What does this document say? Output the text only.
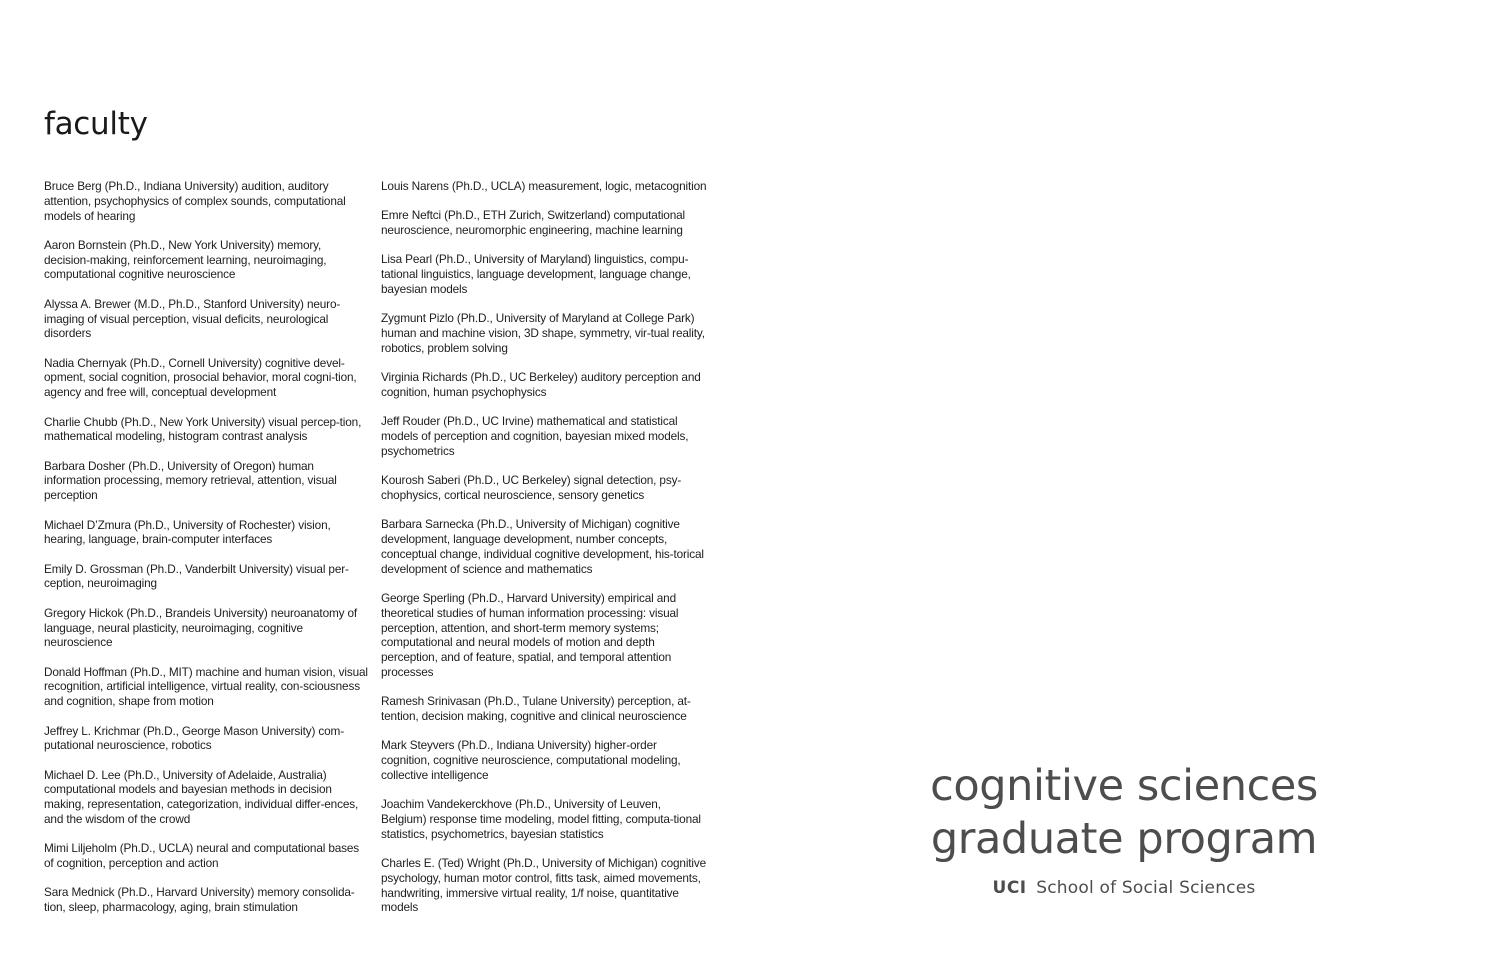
faculty

Bruce Berg (Ph.D., Indiana University) audition, auditory attention, psychophysics of complex sounds, computational models of hearing

Aaron Bornstein (Ph.D., New York University) memory, decision-making, reinforcement learning, neuroimaging, computational cognitive neuroscience

Alyssa A. Brewer (M.D., Ph.D., Stanford University) neuro-imaging of visual perception, visual deficits, neurological disorders

Nadia Chernyak (Ph.D., Cornell University) cognitive devel-opment, social cognition, prosocial behavior, moral cogni-tion, agency and free will, conceptual development

Charlie Chubb (Ph.D., New York University) visual percep-tion, mathematical modeling, histogram contrast analysis

Barbara Dosher (Ph.D., University of Oregon) human information processing, memory retrieval, attention, visual perception

Michael D’Zmura (Ph.D., University of Rochester) vision, hearing, language, brain-computer interfaces

Emily D. Grossman (Ph.D., Vanderbilt University) visual per-ception, neuroimaging

Gregory Hickok (Ph.D., Brandeis University) neuroanatomy of language, neural plasticity, neuroimaging, cognitive neuroscience

Donald Hoffman (Ph.D., MIT) machine and human vision, visual recognition, artificial intelligence, virtual reality, con-sciousness and cognition, shape from motion

Jeffrey L. Krichmar (Ph.D., George Mason University) com-putational neuroscience, robotics

Michael D. Lee (Ph.D., University of Adelaide, Australia) computational models and bayesian methods in decision making, representation, categorization, individual differ-ences, and the wisdom of the crowd

Mimi Liljeholm (Ph.D., UCLA) neural and computational bases of cognition, perception and action

Sara Mednick (Ph.D., Harvard University) memory consolida-tion, sleep, pharmacology, aging, brain stimulation

Louis Narens (Ph.D., UCLA) measurement, logic, metacognition

Emre Neftci (Ph.D., ETH Zurich, Switzerland) computational neuroscience, neuromorphic engineering, machine learning

Lisa Pearl (Ph.D., University of Maryland) linguistics, compu-tational linguistics, language development, language change, bayesian models

Zygmunt Pizlo (Ph.D., University of Maryland at College Park) human and machine vision, 3D shape, symmetry, vir-tual reality, robotics, problem solving

Virginia Richards (Ph.D., UC Berkeley) auditory perception and cognition, human psychophysics

Jeff Rouder (Ph.D., UC Irvine) mathematical and statistical models of perception and cognition, bayesian mixed models, psychometrics

Kourosh Saberi (Ph.D., UC Berkeley) signal detection, psy-chophysics, cortical neuroscience, sensory genetics

Barbara Sarnecka (Ph.D., University of Michigan) cognitive development, language development, number concepts, conceptual change, individual cognitive development, his-torical development of science and mathematics

George Sperling (Ph.D., Harvard University) empirical and theoretical studies of human information processing: visual perception, attention, and short-term memory systems; computational and neural models of motion and depth perception, and of feature, spatial, and temporal attention processes

Ramesh Srinivasan (Ph.D., Tulane University) perception, at-tention, decision making, cognitive and clinical neuroscience

Mark Steyvers (Ph.D., Indiana University) higher-order cognition, cognitive neuroscience, computational modeling, collective intelligence

Joachim Vandekerckhove (Ph.D., University of Leuven, Belgium) response time modeling, model fitting, computa-tional statistics, psychometrics, bayesian statistics

Charles E. (Ted) Wright (Ph.D., University of Michigan) cognitive psychology, human motor control, fitts task, aimed movements, handwriting, immersive virtual reality, 1/f noise, quantitative models

cognitive sciences
graduate program
UCI School of Social Sciences
